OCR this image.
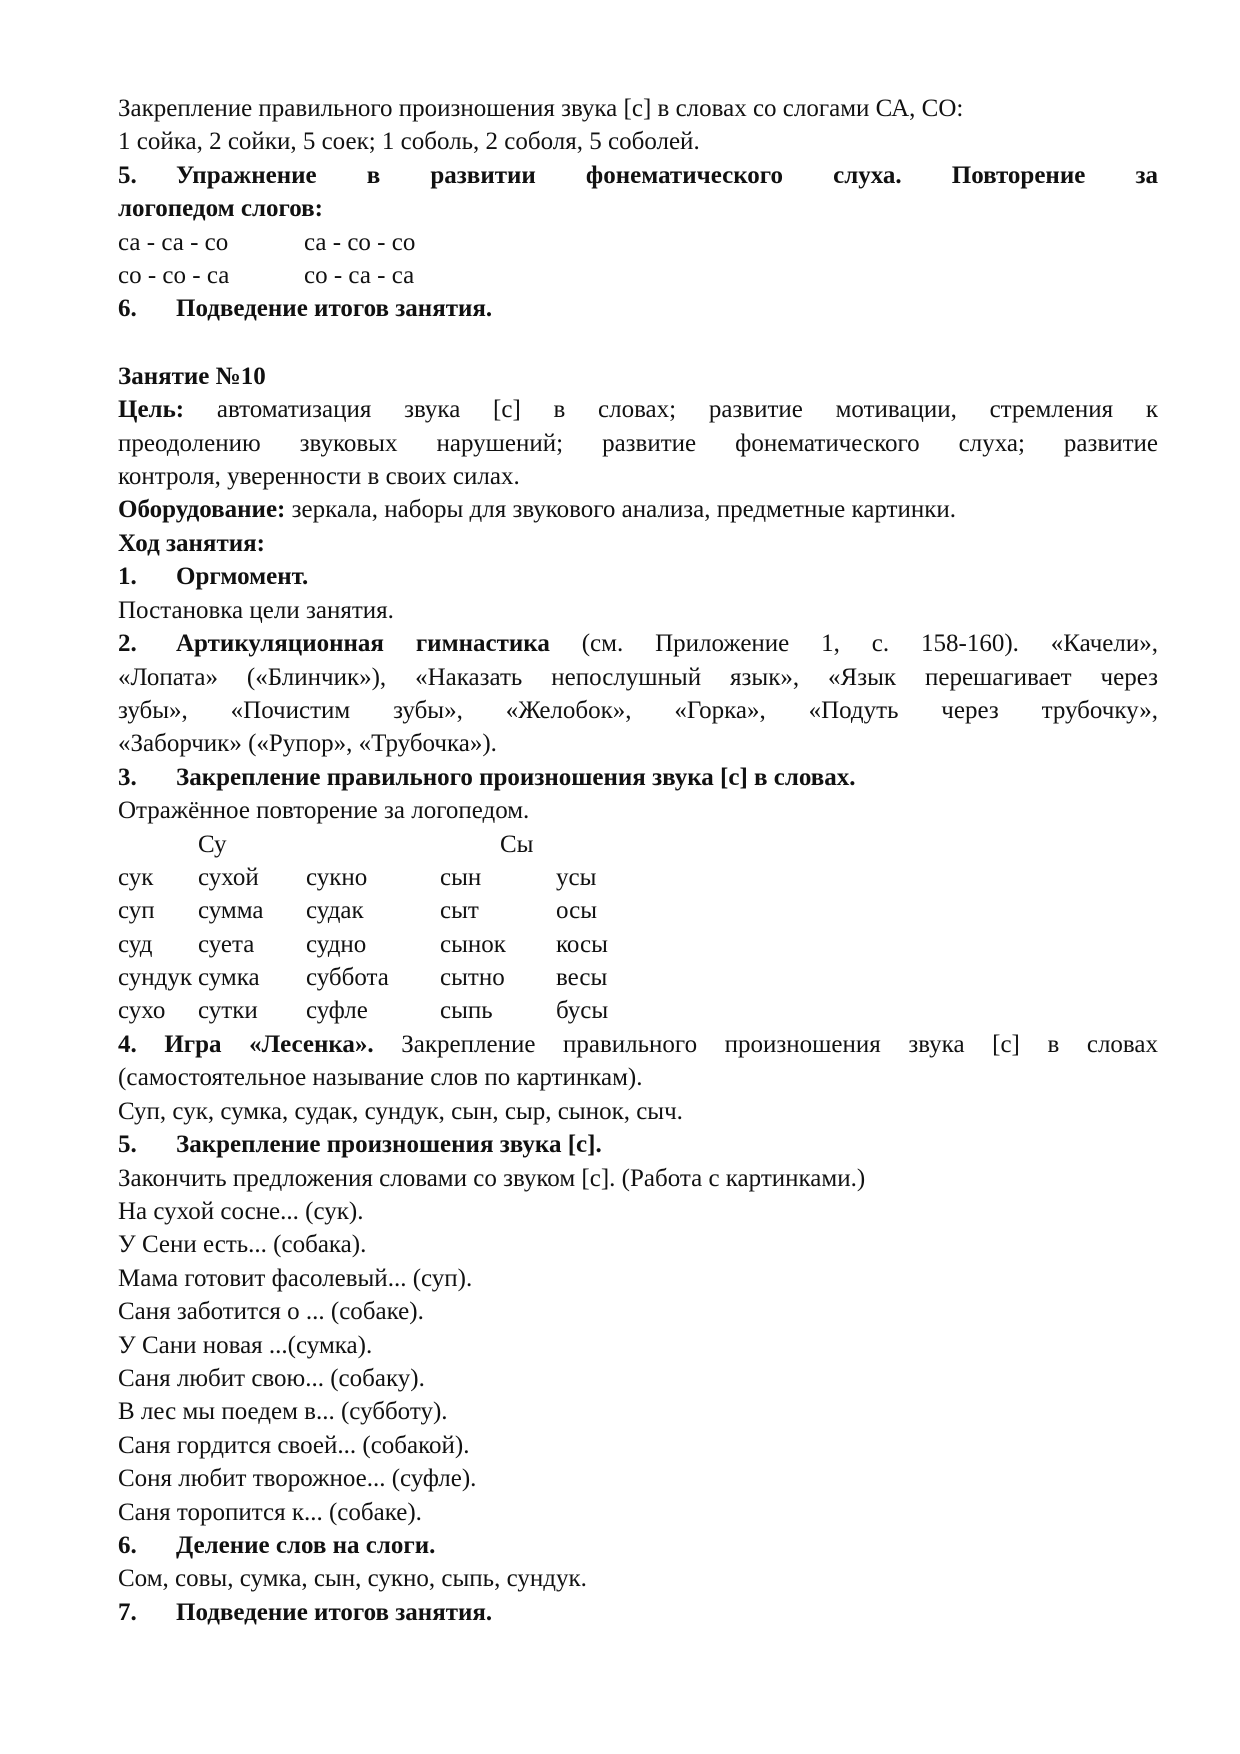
Закрепление правильного произношения звука [с] в словах со слогами СА, СО:
1 сойка, 2 сойки, 5 соек; 1 соболь, 2 соболя, 5 соболей.
5. Упражнение в развитии фонематического слуха. Повторение за
логопедом слогов:
са - са - со	са - со - со
со - со - са	со - са - са
6. Подведение итогов занятия.
Занятие №10
Цель: автоматизация звука [с] в словах; развитие мотивации, стремления к
преодолению звуковых нарушений; развитие фонематического слуха; развитие
контроля, уверенности в своих силах.
Оборудование: зеркала, наборы для звукового анализа, предметные картинки.
Ход занятия:
1. Оргмомент.
Постановка цели занятия.
2. Артикуляционная гимнастика (см. Приложение 1, с. 158-160). «Качели»,
«Лопата» («Блинчик»), «Наказать непослушный язык», «Язык перешагивает через
зубы», «Почистим зубы», «Желобок», «Горка», «Подуть через трубочку»,
«Заборчик» («Рупор», «Трубочка»).
3. Закрепление правильного произношения звука [с] в словах.
Отражённое повторение за логопедом.
Су	Сы
сук сухой сукно	сын	усы
суп сумма судак	сыт	осы
суд суета судно	сынок косы
сундук сумка суббота сытно весы
сухо сутки суфле	сыпь	бусы
4. Игра «Лесенка». Закрепление правильного произношения звука [с] в словах
(самостоятельное называние слов по картинкам).
Суп, сук, сумка, судак, сундук, сын, сыр, сынок, сыч.
5. Закрепление произношения звука [с].
Закончить предложения словами со звуком [с]. (Работа с картинками.)
На сухой сосне... (сук).
У Сени есть... (собака).
Мама готовит фасолевый... (суп).
Саня заботится о ... (собаке).
У Сани новая ...(сумка).
Саня любит свою... (собаку).
В лес мы поедем в... (субботу).
Саня гордится своей... (собакой).
Соня любит творожное... (суфле).
Саня торопится к... (собаке).
6. Деление слов на слоги.
Сом, совы, сумка, сын, сукно, сыпь, сундук.
7. Подведение итогов занятия.
